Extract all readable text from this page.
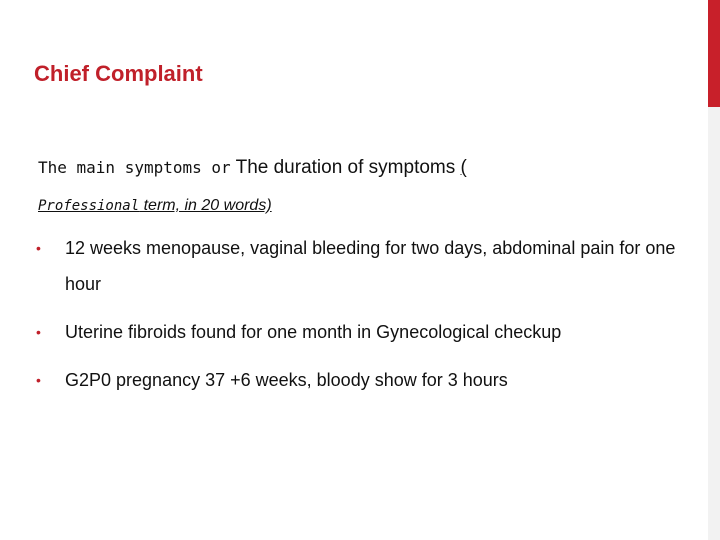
Chief Complaint
The main symptoms or The duration of symptoms (
Professional term, in 20 words)
• 12 weeks menopause, vaginal bleeding for two days, abdominal pain for one hour
• Uterine fibroids found for one month in Gynecological checkup
• G2P0 pregnancy 37 +6 weeks, bloody show for 3 hours
